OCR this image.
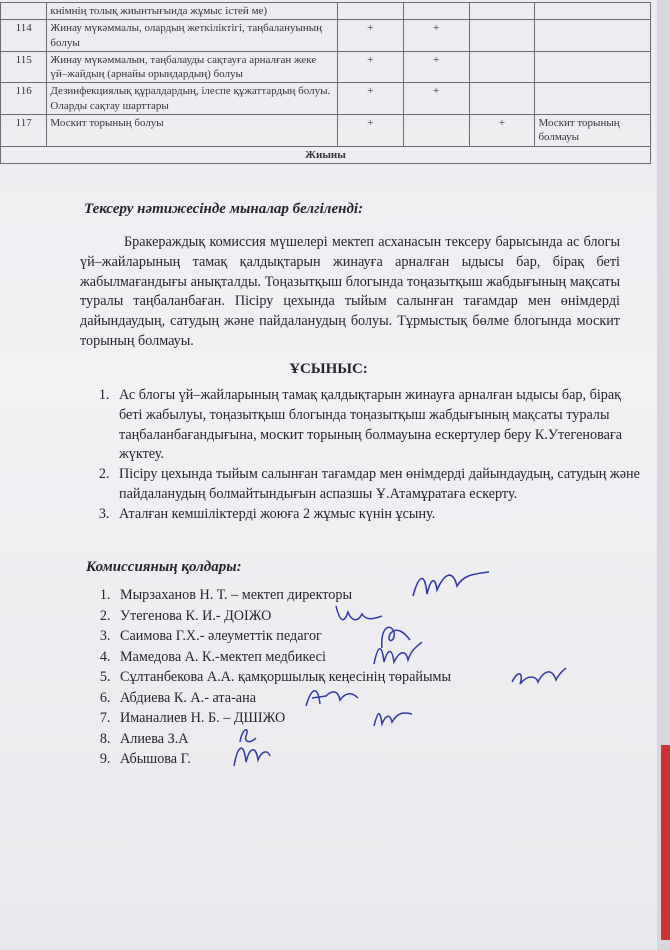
	кнімнің толық жиынтығында жұмыс істей ме)				
114	Жинау мүкәммалы, олардың жеткіліктігі, таңбалануының болуы	+	+		
115	Жинау мүкәммалын, таңбалауды сақтауға арналған жеке үй–жайдың (арнайы орындардың) болуы	+	+		
116	Дезинфекциялық құралдардың, ілеспе құжаттардың болуы. Оларды сақтау шарттары	+	+		
117	Москит торының болуы	+		+	Москит торының болмауы
Жиыны					
Тексеру нәтижесінде мыналар белгіленді:
Бракераждық комиссия мүшелері мектеп асханасын тексеру барысында ас блогы үй–жайларының тамақ қалдықтарын жинауға арналған ыдысы бар, бірақ беті жабылмағандығы анықталды. Тоңазытқыш блогында тоңазытқыш жабдығының мақсаты туралы таңбаланбаған. Пісіру цехында тыйым салынған тағамдар мен өнімдерді дайындаудың, сатудың және пайдаланудың болуы. Тұрмыстық бөлме блогында москит торының болмауы.
ҰСЫНЫС:
1. Ас блогы үй–жайларының тамақ қалдықтарын жинауға арналған ыдысы бар, бірақ беті жабылуы, тоңазытқыш блогында тоңазытқыш жабдығының мақсаты туралы таңбаланбағандығына, москит торының болмауына ескертулер беру К.Утегеноваға жүктеу.
2. Пісіру цехында тыйым салынған тағамдар мен өнімдерді дайындаудың, сатудың және пайдаланудың болмайтындығын аспазшы Ұ.Атамұратаға ескерту.
3. Аталған кемшіліктерді жоюға 2 жұмыс күнін ұсыну.
Комиссияның қолдары:
1. Мырзаханов Н. Т. – мектеп директоры
2. Утегенова К. И.- ДОІЖО
3. Саимова Г.Х.- әлеуметтік педагог
4. Мамедова А. К.-мектеп медбикесі
5. Сұлтанбекова А.А. қамқоршылық кеңесінің төрайымы
6. Абдиева К. А.- ата-ана
7. Иманалиев Н. Б. – ДШІЖО
8. Алиева З.А
9. Абышова Г.
